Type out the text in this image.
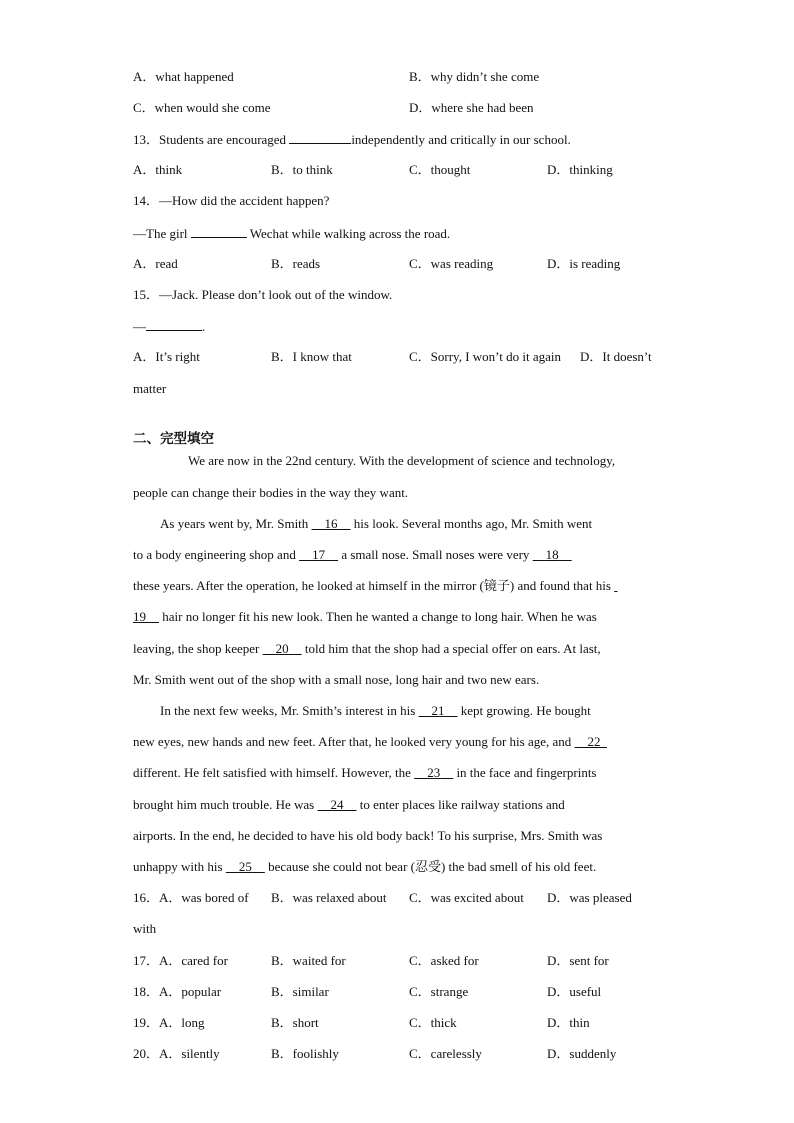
A．what happened	B．why didn’t she come
C．when would she come	D．where she had been
13．Students are encouraged	independently and critically in our school.
A．think	B．to think	C．thought	D．thinking
14．—How did the accident happen?
—The girl	Wechat while walking across the road.
A．read	B．reads	C．was reading	D．is reading
15．—Jack. Please don’t look out of the window.
—	.
A．It’s right	B．I know that	C．Sorry, I won’t do it again D．It doesn’t
matter
二、完型填空
We are now in the 22nd century. With the development of science and technology,
people can change their bodies in the way they want.
As years went by, Mr. Smith     16     his look. Several months ago, Mr. Smith went
to a body engineering shop and     17     a small nose. Small noses were very     18
these years. After the operation, he looked at himself in the mirror (镜子) and found that his
19     hair no longer fit his new look. Then he wanted a change to long hair. When he was
leaving, the shop keeper     20     told him that the shop had a special offer on ears. At last,
Mr. Smith went out of the shop with a small nose, long hair and two new ears.
In the next few weeks, Mr. Smith’s interest in his     21     kept growing. He bought
new eyes, new hands and new feet. After that, he looked very young for his age, and     22
different. He felt satisfied with himself. However, the     23     in the face and fingerprints
brought him much trouble. He was     24     to enter places like railway stations and
airports. In the end, he decided to have his old body back! To his surprise, Mrs. Smith was
unhappy with his     25     because she could not bear (忍受) the bad smell of his old feet.
16．A．was bored of B．was relaxed about C．was excited about D．was pleased
with
17．A．cared for	B．waited for	C．asked for	D．sent for
18．A．popular	B．similar	C．strange	D．useful
19．A．long	B．short	C．thick	D．thin
20．A．silently	B．foolishly	C．carelessly	D．suddenly
